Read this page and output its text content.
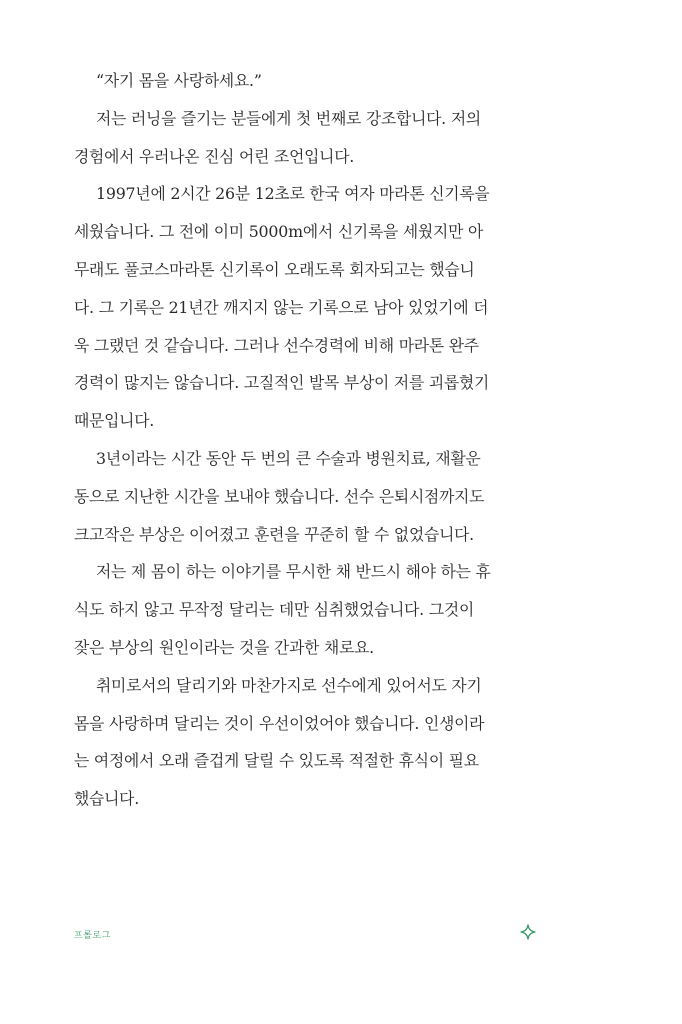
“자기 몸을 사랑하세요.”
저는 러닝을 즐기는 분들에게 첫 번째로 강조합니다. 저의
경험에서 우러나온 진심 어린 조언입니다.
1997년에 2시간 26분 12초로 한국 여자 마라톤 신기록을
세웠습니다. 그 전에 이미 5000m에서 신기록을 세웠지만 아
무래도 풀코스마라톤 신기록이 오래도록 회자되고는 했습니
다. 그 기록은 21년간 깨지지 않는 기록으로 남아 있었기에 더
욱 그랬던 것 같습니다. 그러나 선수경력에 비해 마라톤 완주
경력이 많지는 않습니다. 고질적인 발목 부상이 저를 괴롭혔기
때문입니다.
3년이라는 시간 동안 두 번의 큰 수술과 병원치료, 재활운
동으로 지난한 시간을 보내야 했습니다. 선수 은퇴시점까지도
크고작은 부상은 이어졌고 훈련을 꾸준히 할 수 없었습니다.
저는 제 몸이 하는 이야기를 무시한 채 반드시 해야 하는 휴
식도 하지 않고 무작정 달리는 데만 심취했었습니다. 그것이
잦은 부상의 원인이라는 것을 간과한 채로요.
취미로서의 달리기와 마찬가지로 선수에게 있어서도 자기
몸을 사랑하며 달리는 것이 우선이었어야 했습니다. 인생이라
는 여정에서 오래 즐겁게 달릴 수 있도록 적절한 휴식이 필요
했습니다.
프롤로그
